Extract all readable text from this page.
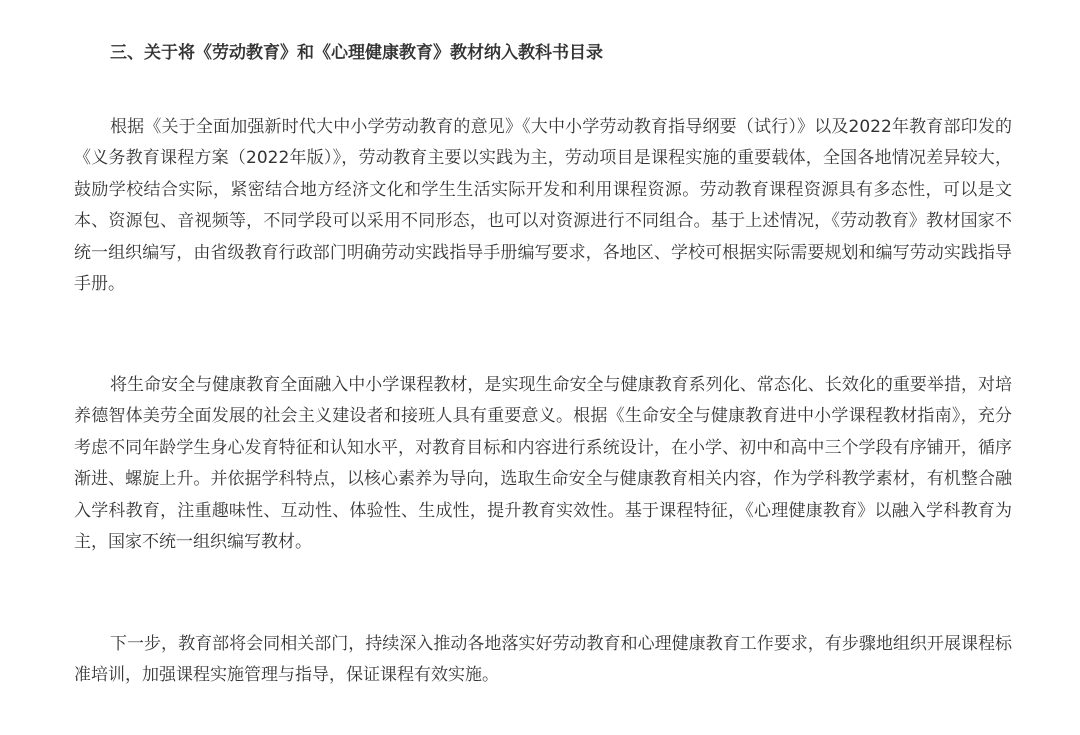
三、关于将《劳动教育》和《心理健康教育》教材纳入教科书目录

根据《关于全面加强新时代大中小学劳动教育的意见》《大中小学劳动教育指导纲要（试行）》以及2022年教育部印发的《义务教育课程方案（2022年版）》，劳动教育主要以实践为主，劳动项目是课程实施的重要载体，全国各地情况差异较大，鼓励学校结合实际，紧密结合地方经济文化和学生生活实际开发和利用课程资源。劳动教育课程资源具有多态性，可以是文本、资源包、音视频等，不同学段可以采用不同形态，也可以对资源进行不同组合。基于上述情况，《劳动教育》教材国家不统一组织编写，由省级教育行政部门明确劳动实践指导手册编写要求，各地区、学校可根据实际需要规划和编写劳动实践指导手册。

将生命安全与健康教育全面融入中小学课程教材，是实现生命安全与健康教育系列化、常态化、长效化的重要举措，对培养德智体美劳全面发展的社会主义建设者和接班人具有重要意义。根据《生命安全与健康教育进中小学课程教材指南》，充分考虑不同年龄学生身心发育特征和认知水平，对教育目标和内容进行系统设计，在小学、初中和高中三个学段有序铺开，循序渐进、螺旋上升。并依据学科特点，以核心素养为导向，选取生命安全与健康教育相关内容，作为学科教学素材，有机整合融入学科教育，注重趣味性、互动性、体验性、生成性，提升教育实效性。基于课程特征，《心理健康教育》以融入学科教育为主，国家不统一组织编写教材。

下一步，教育部将会同相关部门，持续深入推动各地落实好劳动教育和心理健康教育工作要求，有步骤地组织开展课程标准培训，加强课程实施管理与指导，保证课程有效实施。
